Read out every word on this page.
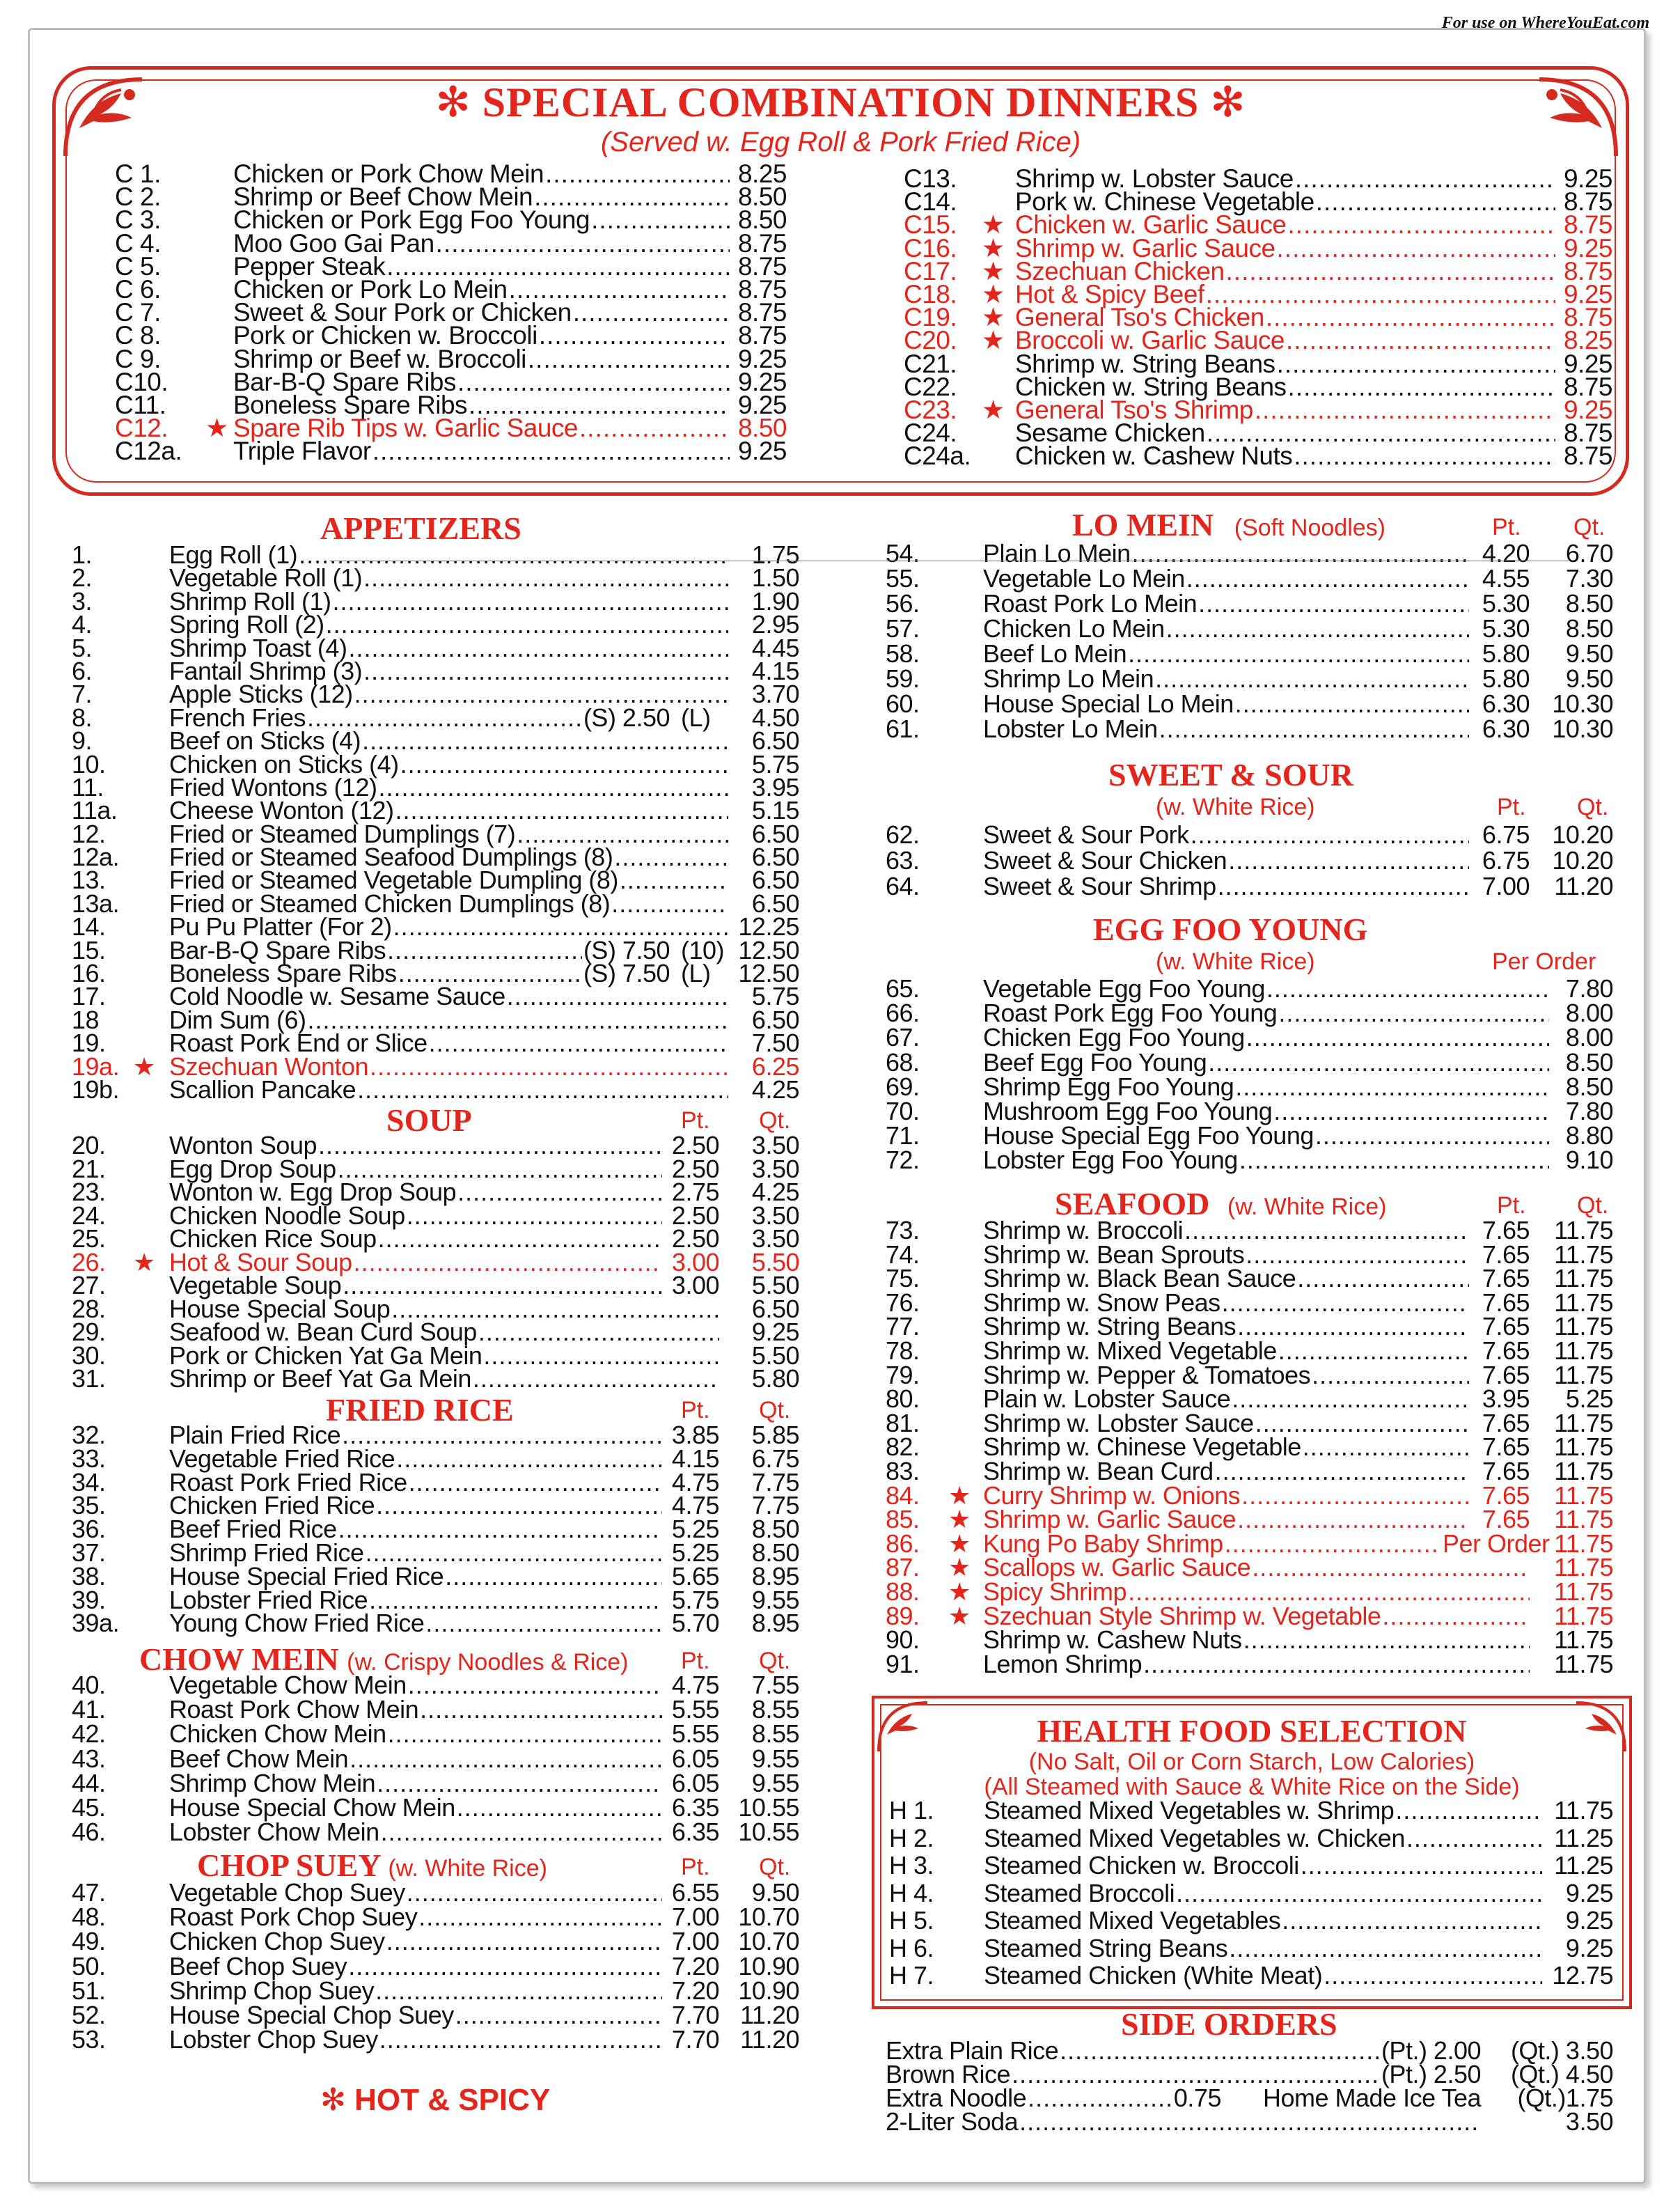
For use on WhereYouEat.com
✻ SPECIAL COMBINATION DINNERS ✻
(Served w. Egg Roll & Pork Fried Rice)
C 1.	Chicken or Pork Chow Mein .....	8.25
C 2.	Shrimp or Beef Chow Mein .....	8.50
C 3.	Chicken or Pork Egg Foo Young .....	8.50
C 4.	Moo Goo Gai Pan .....	8.75
C 5.	Pepper Steak .....	8.75
C 6.	Chicken or Pork Lo Mein .....	8.75
C 7.	Sweet & Sour Pork or Chicken .....	8.75
C 8.	Pork or Chicken w. Broccoli .....	8.75
C 9.	Shrimp or Beef w. Broccoli .....	9.25
C10.	Bar-B-Q Spare Ribs .....	9.25
C11.	Boneless Spare Ribs .....	9.25
C12.	★ Spare Rib Tips w. Garlic Sauce .....	8.50
C12a.	Triple Flavor .....	9.25
C13.	Shrimp w. Lobster Sauce .....	9.25
C14.	Pork w. Chinese Vegetable .....	8.75
C15. ★ Chicken w. Garlic Sauce .....	8.75
C16. ★ Shrimp w. Garlic Sauce .....	9.25
C17. ★ Szechuan Chicken .....	8.75
C18. ★ Hot & Spicy Beef .....	9.25
C19. ★ General Tso's Chicken .....	8.75
C20. ★ Broccoli w. Garlic Sauce .....	8.25
C21.	Shrimp w. String Beans .....	9.25
C22.	Chicken w. String Beans .....	8.75
C23. ★ General Tso's Shrimp .....	9.25
C24.	Sesame Chicken .....	8.75
C24a.	Chicken w. Cashew Nuts .....	8.75
APPETIZERS
1.	Egg Roll (1) .....	1.75
2.	Vegetable Roll (1) .....	1.50
3.	Shrimp Roll (1) .....	1.90
4.	Spring Roll (2) .....	2.95
5.	Shrimp Toast (4) .....	4.45
6.	Fantail Shrimp (3) .....	4.15
7.	Apple Sticks (12) .....	3.70
8.	French Fries .....	(S) 2.50 (L)	4.50
9.	Beef on Sticks (4) .....	6.50
10.	Chicken on Sticks (4) .....	5.75
11.	Fried Wontons (12) .....	3.95
11a.	Cheese Wonton (12) .....	5.15
12.	Fried or Steamed Dumplings (7) .....	6.50
12a.	Fried or Steamed Seafood Dumplings (8) .....	6.50
13.	Fried or Steamed Vegetable Dumpling (8) .....	6.50
13a.	Fried or Steamed Chicken Dumplings (8) .....	6.50
14.	Pu Pu Platter (For 2) .....	12.25
15.	Bar-B-Q Spare Ribs .....	(S) 7.50 (10) 12.50
16.	Boneless Spare Ribs .....	(S) 7.50 (L)	12.50
17.	Cold Noodle w. Sesame Sauce .....	5.75
18	Dim Sum (6) .....	6.50
19.	Roast Pork End or Slice .....	7.50
19a. ★ Szechuan Wonton .....	6.25
19b.	Scallion Pancake .....	4.25
SOUP	Pt. Qt.
20.	Wonton Soup .....	2.50	3.50
21.	Egg Drop Soup .....	2.50	3.50
23.	Wonton w. Egg Drop Soup .....	2.75	4.25
24.	Chicken Noodle Soup .....	2.50	3.50
25.	Chicken Rice Soup .....	2.50	3.50
26.	★ Hot & Sour Soup .....	3.00	5.50
27.	Vegetable Soup .....	3.00	5.50
28.	House Special Soup .....	6.50
29.	Seafood w. Bean Curd Soup .....	9.25
30.	Pork or Chicken Yat Ga Mein .....	5.50
31.	Shrimp or Beef Yat Ga Mein .....	5.80
FRIED RICE	Pt. Qt.
32.	Plain Fried Rice .....	3.85	5.85
33.	Vegetable Fried Rice .....	4.15	6.75
34.	Roast Pork Fried Rice .....	4.75	7.75
35.	Chicken Fried Rice .....	4.75	7.75
36.	Beef Fried Rice .....	5.25	8.50
37.	Shrimp Fried Rice .....	5.25	8.50
38.	House Special Fried Rice .....	5.65	8.95
39.	Lobster Fried Rice .....	5.75	9.55
39a.	Young Chow Fried Rice .....	5.70	8.95
CHOW MEIN (w. Crispy Noodles & Rice) Pt. Qt.
40.	Vegetable Chow Mein .....	4.75	7.55
41.	Roast Pork Chow Mein .....	5.55	8.55
42.	Chicken Chow Mein .....	5.55	8.55
43.	Beef Chow Mein .....	6.05	9.55
44.	Shrimp Chow Mein .....	6.05	9.55
45.	House Special Chow Mein .....	6.35 10.55
46.	Lobster Chow Mein .....	6.35 10.55
CHOP SUEY (w. White Rice)	Pt. Qt.
47.	Vegetable Chop Suey .....	6.55	9.50
48.	Roast Pork Chop Suey .....	7.00 10.70
49.	Chicken Chop Suey .....	7.00 10.70
50.	Beef Chop Suey .....	7.20 10.90
51.	Shrimp Chop Suey .....	7.20 10.90
52.	House Special Chop Suey .....	7.70 11.20
53.	Lobster Chop Suey .....	7.70 11.20
✻ HOT & SPICY
LO MEIN (Soft Noodles)	Pt. Qt.
54.	Plain Lo Mein .....	4.20	6.70
55.	Vegetable Lo Mein .....	4.55	7.30
56.	Roast Pork Lo Mein .....	5.30	8.50
57.	Chicken Lo Mein .....	5.30	8.50
58.	Beef Lo Mein .....	5.80	9.50
59.	Shrimp Lo Mein .....	5.80	9.50
60.	House Special Lo Mein .....	6.30 10.30
61.	Lobster Lo Mein .....	6.30 10.30
SWEET & SOUR
(w. White Rice)	Pt. Qt.
62.	Sweet & Sour Pork .....	6.75 10.20
63.	Sweet & Sour Chicken .....	6.75 10.20
64.	Sweet & Sour Shrimp .....	7.00 11.20
EGG FOO YOUNG
(w. White Rice)	Per Order
65.	Vegetable Egg Foo Young .....	7.80
66.	Roast Pork Egg Foo Young .....	8.00
67.	Chicken Egg Foo Young .....	8.00
68.	Beef Egg Foo Young .....	8.50
69.	Shrimp Egg Foo Young .....	8.50
70.	Mushroom Egg Foo Young .....	7.80
71.	House Special Egg Foo Young .....	8.80
72.	Lobster Egg Foo Young .....	9.10
SEAFOOD (w. White Rice)	Pt. Qt.
73.	Shrimp w. Broccoli .....	7.65 11.75
74.	Shrimp w. Bean Sprouts .....	7.65 11.75
75.	Shrimp w. Black Bean Sauce .....	7.65 11.75
76.	Shrimp w. Snow Peas .....	7.65 11.75
77.	Shrimp w. String Beans .....	7.65 11.75
78.	Shrimp w. Mixed Vegetable .....	7.65 11.75
79.	Shrimp w. Pepper & Tomatoes .....	7.65 11.75
80.	Plain w. Lobster Sauce .....	3.95	5.25
81.	Shrimp w. Lobster Sauce .....	7.65 11.75
82.	Shrimp w. Chinese Vegetable .....	7.65 11.75
83.	Shrimp w. Bean Curd .....	7.65 11.75
84.	★ Curry Shrimp w. Onions .....	7.65 11.75
85.	★ Shrimp w. Garlic Sauce .....	7.65 11.75
86.	★ Kung Po Baby Shrimp .....	Per Order 11.75
87.	★ Scallops w. Garlic Sauce .....	11.75
88.	★ Spicy Shrimp .....	11.75
89.	★ Szechuan Style Shrimp w. Vegetable .....	11.75
90.	Shrimp w. Cashew Nuts .....	11.75
91.	Lemon Shrimp .....	11.75
HEALTH FOOD SELECTION
(No Salt, Oil or Corn Starch, Low Calories)
(All Steamed with Sauce & White Rice on the Side)
H 1.	Steamed Mixed Vegetables w. Shrimp .....	11.75
H 2.	Steamed Mixed Vegetables w. Chicken .....	11.25
H 3.	Steamed Chicken w. Broccoli .....	11.25
H 4.	Steamed Broccoli .....	9.25
H 5.	Steamed Mixed Vegetables .....	9.25
H 6.	Steamed String Beans .....	9.25
H 7.	Steamed Chicken (White Meat) .....	12.75
SIDE ORDERS
Extra Plain Rice .....	(Pt.) 2.00	(Qt.) 3.50
Brown Rice .....	(Pt.) 2.50	(Qt.) 4.50
Extra Noodle .....	0.75 Home Made Ice Tea	(Qt.)1.75
2-Liter Soda .....	3.50
